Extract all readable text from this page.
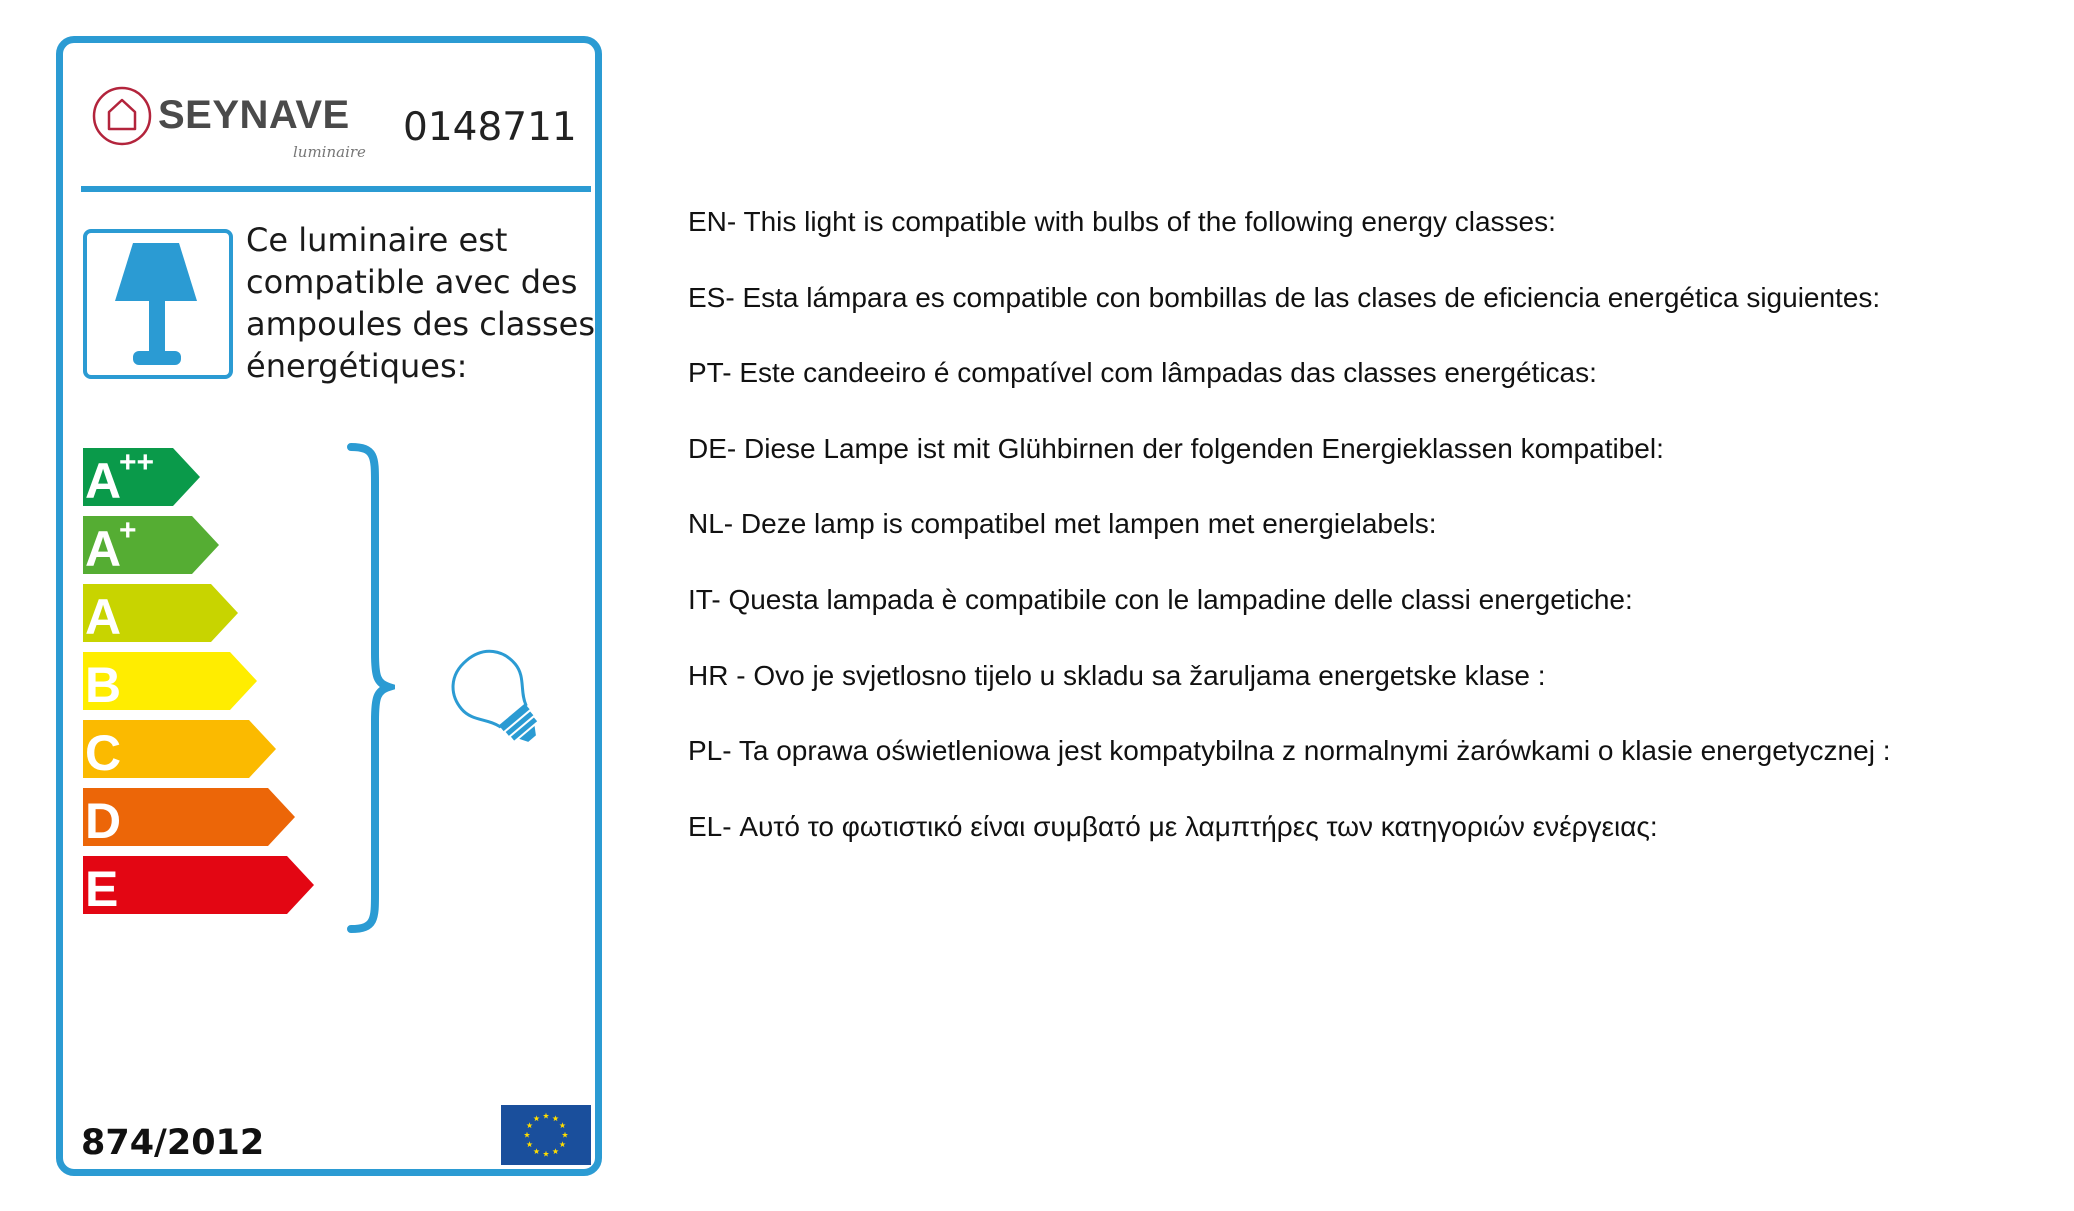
SEYNAVE
luminaire
0148711
Ce luminaire est compatible avec des ampoules des classes énergétiques:
A
++
A
+
A
B
C
D
E
874/2012
EN- This light is compatible with bulbs of the following energy classes:
ES- Esta lámpara es compatible con bombillas de las clases de eficiencia energética siguientes:
PT- Este candeeiro é compatível com lâmpadas das classes energéticas:
DE- Diese Lampe ist mit Glühbirnen der folgenden Energieklassen kompatibel:
NL- Deze lamp is compatibel met lampen met energielabels:
IT- Questa lampada è compatibile con le lampadine delle classi energetiche:
HR - Ovo je svjetlosno tijelo u skladu sa žaruljama energetske klase :
PL- Ta oprawa oświetleniowa jest kompatybilna z normalnymi żarówkami o klasie energetycznej :
EL- Αυτό το φωτιστικό είναι συμβατό με λαμπτήρες των κατηγοριών ενέργειας:
